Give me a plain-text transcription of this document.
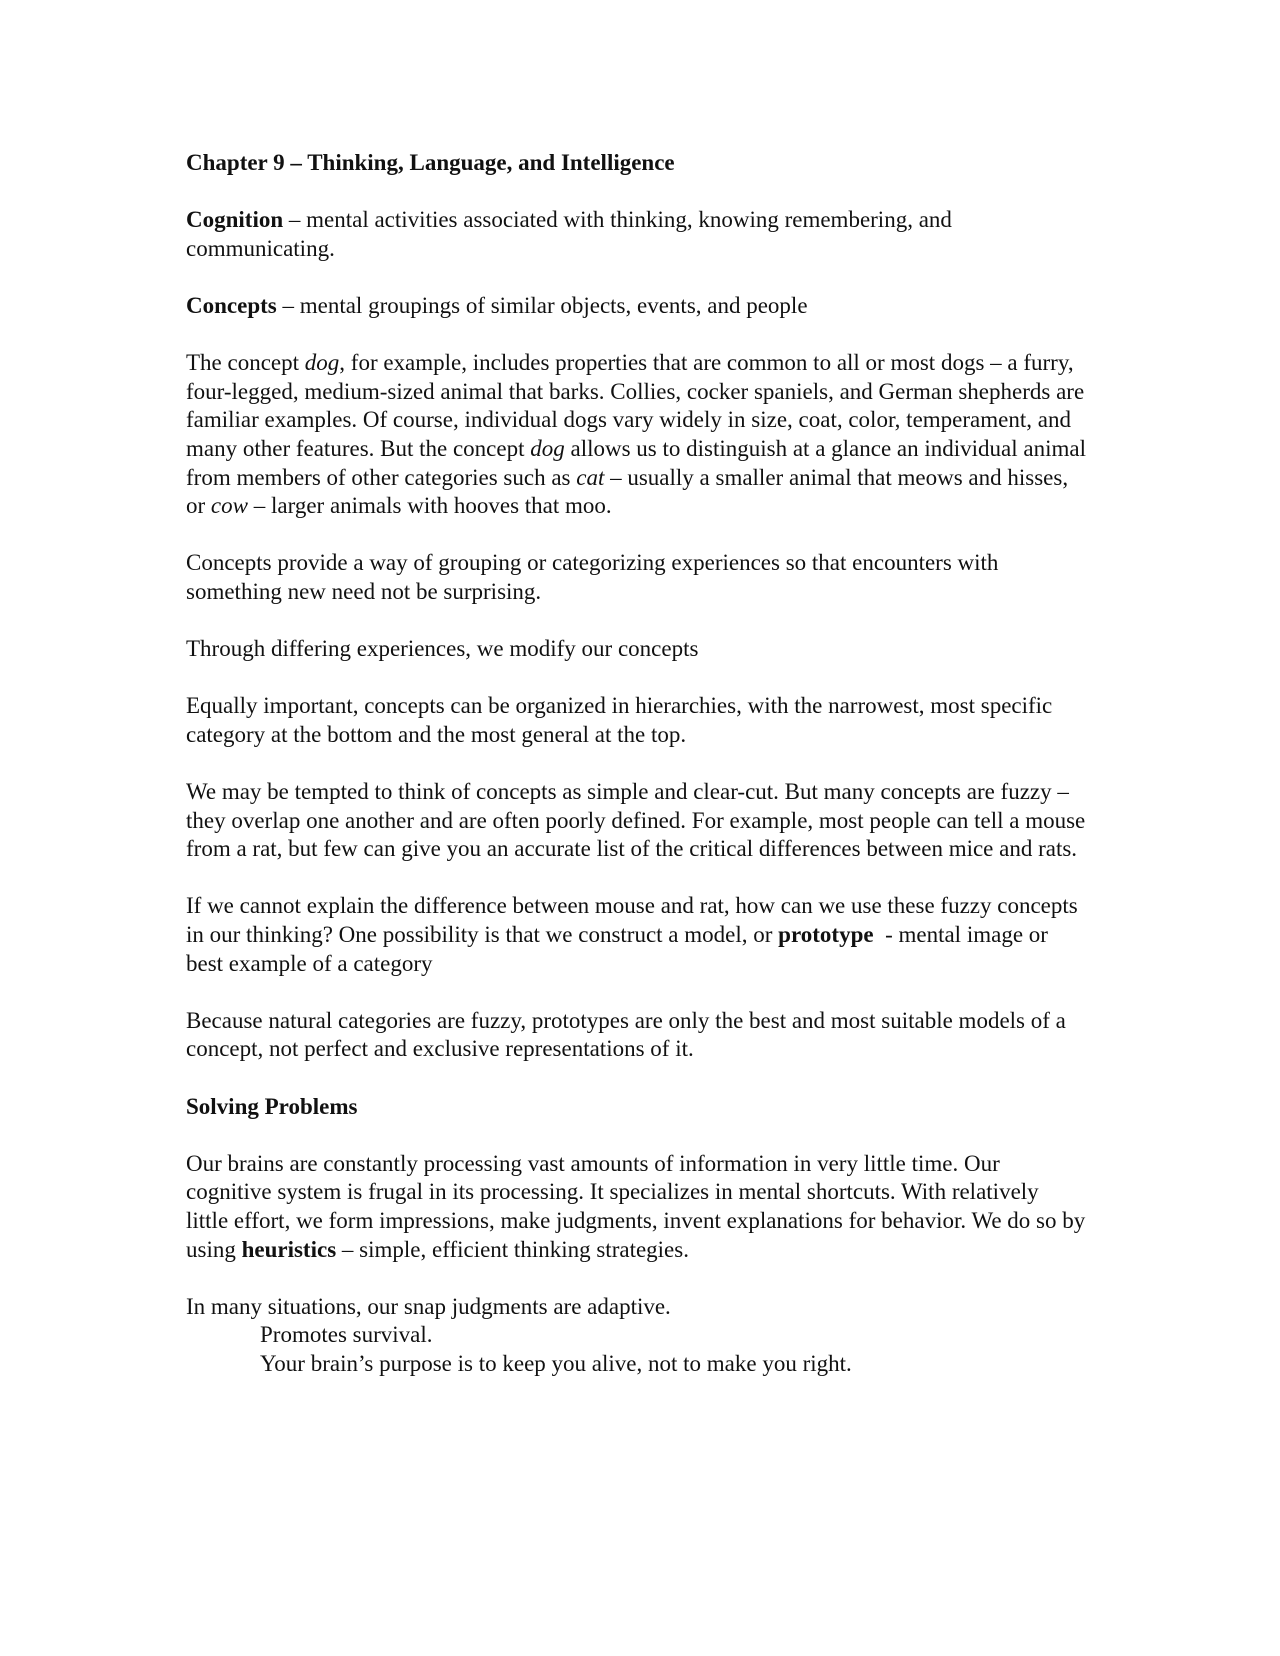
Chapter 9 – Thinking, Language, and Intelligence

Cognition – mental activities associated with thinking, knowing remembering, and communicating.

Concepts – mental groupings of similar objects, events, and people

The concept dog, for example, includes properties that are common to all or most dogs – a furry, four-legged, medium-sized animal that barks. Collies, cocker spaniels, and German shepherds are familiar examples. Of course, individual dogs vary widely in size, coat, color, temperament, and many other features. But the concept dog allows us to distinguish at a glance an individual animal from members of other categories such as cat – usually a smaller animal that meows and hisses, or cow – larger animals with hooves that moo.

Concepts provide a way of grouping or categorizing experiences so that encounters with something new need not be surprising.

Through differing experiences, we modify our concepts

Equally important, concepts can be organized in hierarchies, with the narrowest, most specific category at the bottom and the most general at the top.

We may be tempted to think of concepts as simple and clear-cut. But many concepts are fuzzy – they overlap one another and are often poorly defined. For example, most people can tell a mouse from a rat, but few can give you an accurate list of the critical differences between mice and rats.

If we cannot explain the difference between mouse and rat, how can we use these fuzzy concepts in our thinking? One possibility is that we construct a model, or prototype  - mental image or best example of a category

Because natural categories are fuzzy, prototypes are only the best and most suitable models of a concept, not perfect and exclusive representations of it.

Solving Problems

Our brains are constantly processing vast amounts of information in very little time. Our cognitive system is frugal in its processing. It specializes in mental shortcuts. With relatively little effort, we form impressions, make judgments, invent explanations for behavior. We do so by using heuristics – simple, efficient thinking strategies.

In many situations, our snap judgments are adaptive.

Promotes survival.

Your brain’s purpose is to keep you alive, not to make you right.
